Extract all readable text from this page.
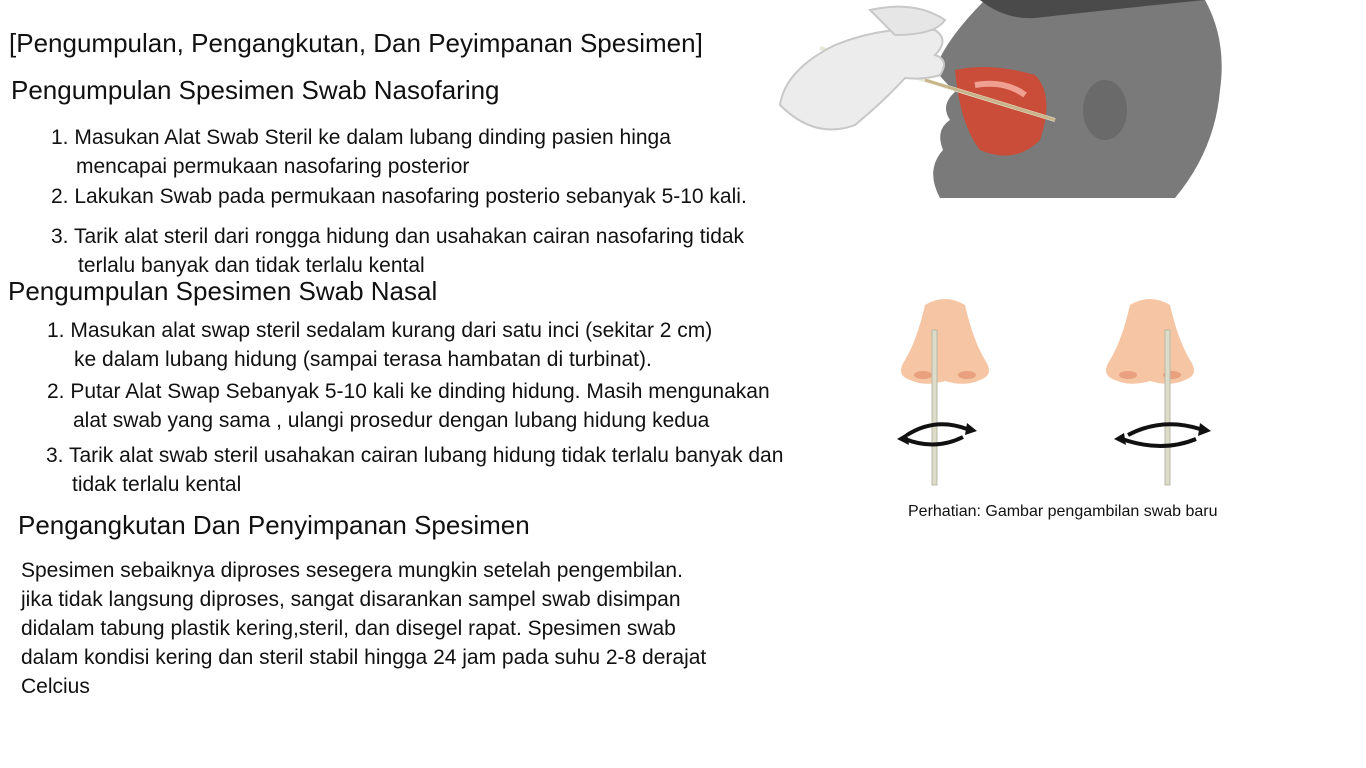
[Pengumpulan, Pengangkutan, Dan Peyimpanan Spesimen]
Pengumpulan Spesimen Swab Nasofaring
1. Masukan Alat Swab Steril ke dalam lubang dinding pasien hinga
mencapai permukaan nasofaring posterior
2. Lakukan Swab pada permukaan nasofaring posterio sebanyak 5-10 kali.
3. Tarik alat steril dari rongga hidung dan usahakan cairan nasofaring tidak
terlalu banyak dan tidak terlalu kental
Pengumpulan Spesimen Swab Nasal
1. Masukan alat swap steril sedalam kurang dari satu inci (sekitar 2 cm)
ke dalam lubang hidung (sampai terasa hambatan di turbinat).
2. Putar Alat Swap Sebanyak 5-10 kali ke dinding hidung. Masih mengunakan
alat swab yang sama , ulangi prosedur dengan lubang hidung kedua
3. Tarik alat swab steril usahakan cairan lubang hidung tidak terlalu banyak dan
tidak terlalu kental
Pengangkutan Dan Penyimpanan Spesimen
Spesimen sebaiknya diproses sesegera mungkin setelah pengembilan.
jika tidak langsung diproses, sangat disarankan sampel swab disimpan
didalam tabung plastik kering,steril, dan disegel rapat. Spesimen swab
dalam kondisi kering dan steril stabil hingga 24 jam pada suhu 2-8 derajat
Celcius
Perhatian: Gambar pengambilan swab baru
